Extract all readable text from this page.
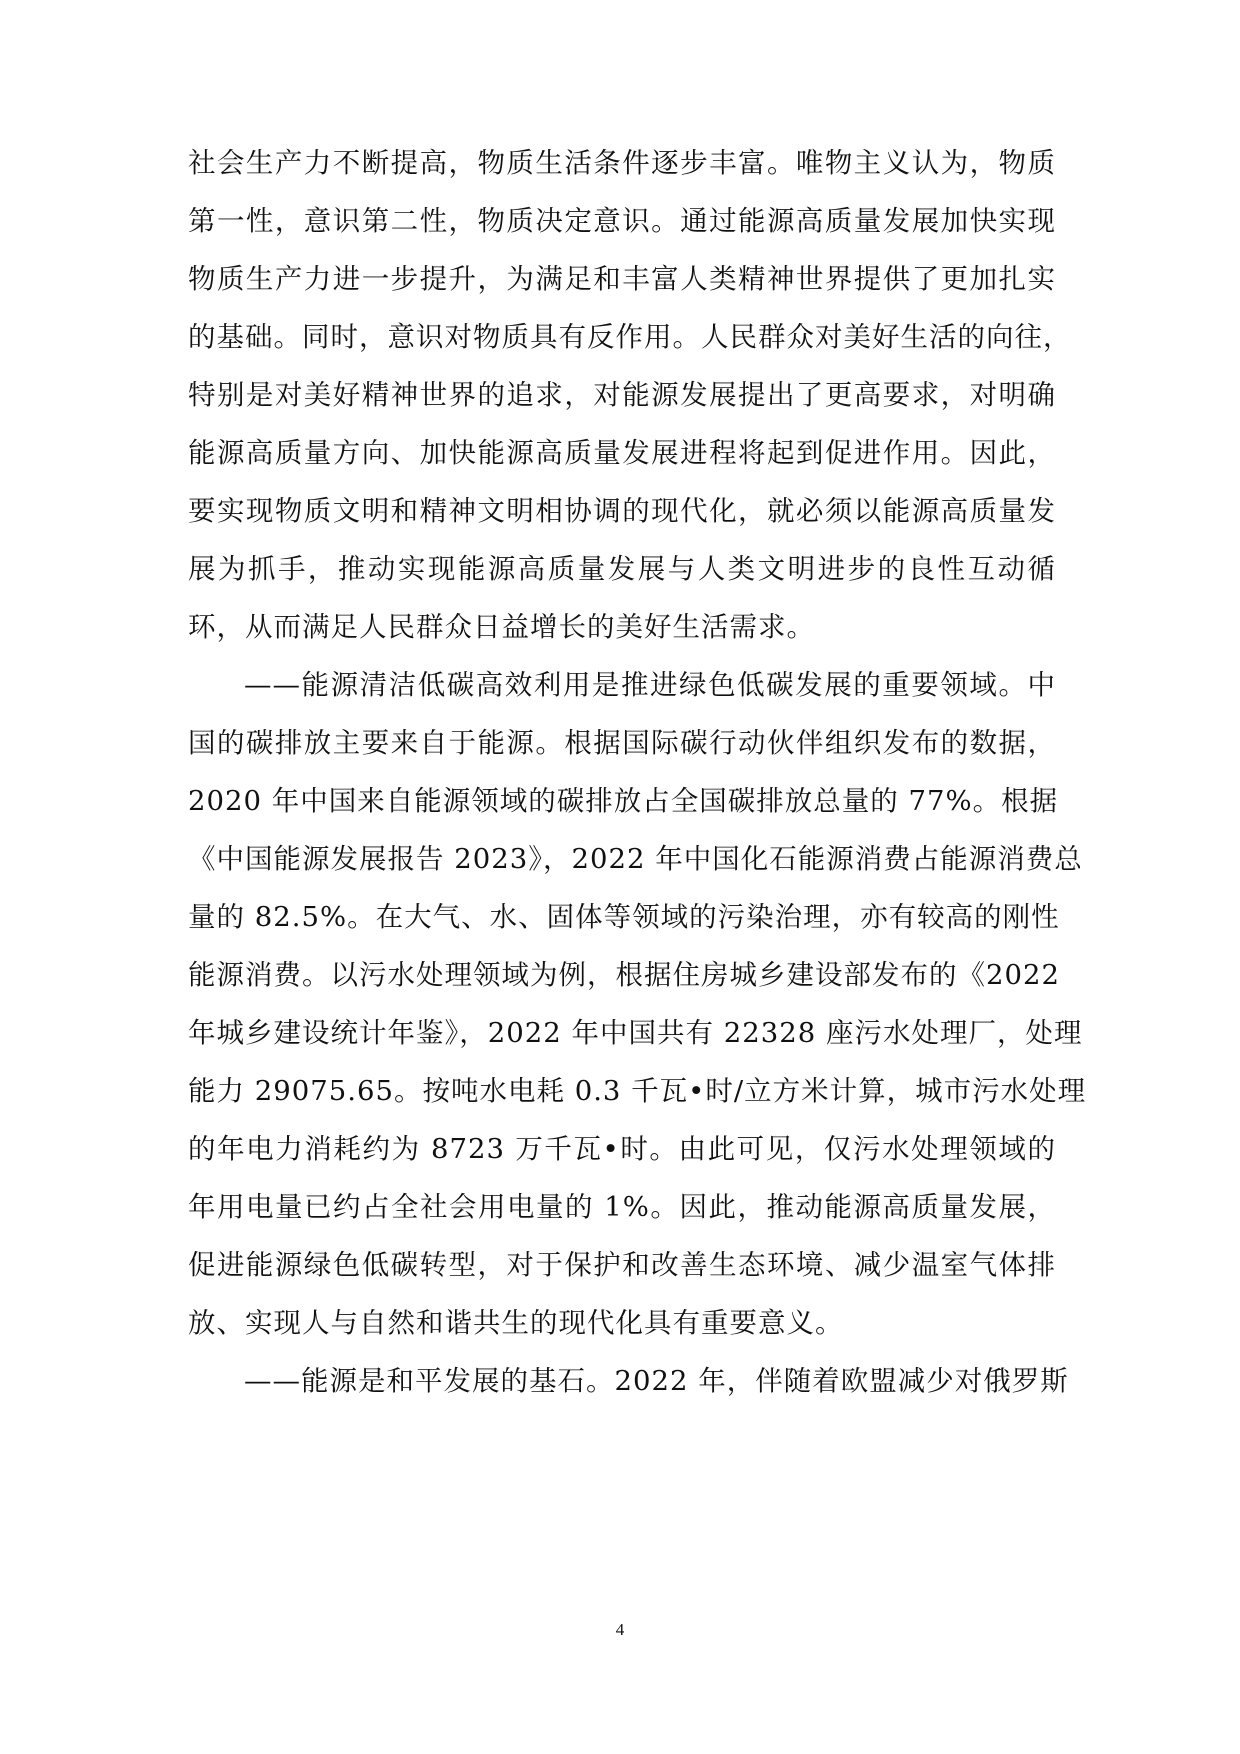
社会生产力不断提高，物质生活条件逐步丰富。唯物主义认为，物质
第一性，意识第二性，物质决定意识。通过能源高质量发展加快实现
物质生产力进一步提升，为满足和丰富人类精神世界提供了更加扎实
的基础。同时，意识对物质具有反作用。人民群众对美好生活的向往，
特别是对美好精神世界的追求，对能源发展提出了更高要求，对明确
能源高质量方向、加快能源高质量发展进程将起到促进作用。因此，
要实现物质文明和精神文明相协调的现代化，就必须以能源高质量发
展为抓手，推动实现能源高质量发展与人类文明进步的良性互动循
环，从而满足人民群众日益增长的美好生活需求。
——能源清洁低碳高效利用是推进绿色低碳发展的重要领域。中
国的碳排放主要来自于能源。根据国际碳行动伙伴组织发布的数据，
2020 年中国来自能源领域的碳排放占全国碳排放总量的 77%。根据
《中国能源发展报告 2023》，2022 年中国化石能源消费占能源消费总
量的 82.5%。在大气、水、固体等领域的污染治理，亦有较高的刚性
能源消费。以污水处理领域为例，根据住房城乡建设部发布的《2022
年城乡建设统计年鉴》，2022 年中国共有 22328 座污水处理厂，处理
能力 29075.65。按吨水电耗 0.3 千瓦•时/立方米计算，城市污水处理
的年电力消耗约为 8723 万千瓦•时。由此可见，仅污水处理领域的
年用电量已约占全社会用电量的 1%。因此，推动能源高质量发展，
促进能源绿色低碳转型，对于保护和改善生态环境、减少温室气体排
放、实现人与自然和谐共生的现代化具有重要意义。
——能源是和平发展的基石。2022 年，伴随着欧盟减少对俄罗斯
4
